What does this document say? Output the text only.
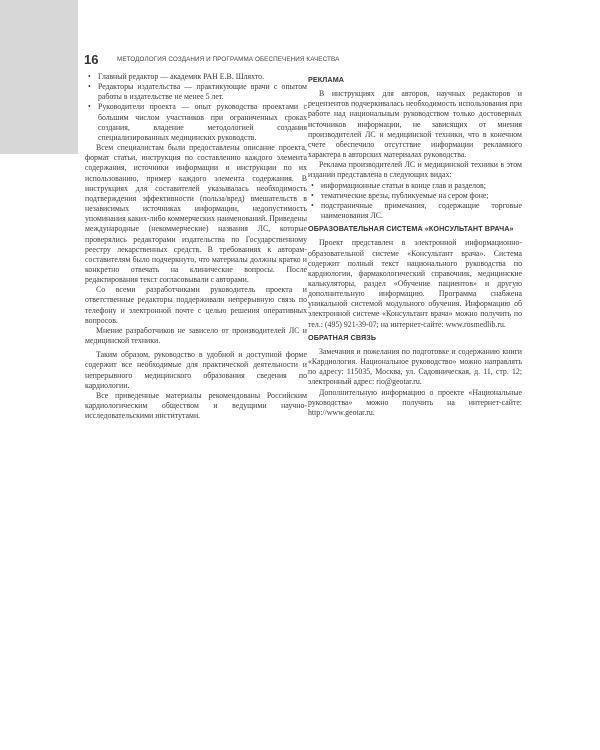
16	МЕТОДОЛОГИЯ СОЗДАНИЯ И ПРОГРАММА ОБЕСПЕЧЕНИЯ КАЧЕСТВА
• Главный редактор — академик РАН Е.В. Шляхто.
• Редакторы издательства — практикующие врачи с опытом работы в издательстве не менее 5 лет.
• Руководители проекта — опыт руководства проектами с большим числом участников при ограниченных сроках создания, владение методологией создания специализированных медицинских руководств.

Всем специалистам были предоставлены описание проекта, формат статьи, инструкция по составлению каждого элемента содержания, источники информации и инструкции по их использованию, пример каждого элемента содержания. В инструкциях для составителей указывалась необходимость подтверждения эффективности (польза/вред) вмешательств в независимых источниках информации, недопустимость упоминания каких-либо коммерческих наименований. Приведены международные (некоммерческие) названия ЛС, которые проверялись редакторами издательства по Государственному реестру лекарственных средств. В требованиях к авторам-составителям было подчеркнуто, что материалы должны кратко и конкретно отвечать на клинические вопросы. После редактирования текст согласовывали с авторами.

Со всеми разработчиками руководитель проекта и ответственные редакторы поддерживали непрерывную связь по телефону и электронной почте с целью решения оперативных вопросов.

Мнение разработчиков не зависело от производителей ЛС и медицинской техники.

Таким образом, руководство в удобной и доступной форме содержит все необходимые для практической деятельности и непрерывного медицинского образования сведения по кардиологии.

Все приведенные материалы рекомендованы Российским кардиологическим обществом и ведущими научно-исследовательскими институтами.

РЕКЛАМА

В инструкциях для авторов, научных редакторов и рецензентов подчеркивалась необходимость использования при работе над национальным руководством только достоверных источников информации, не зависящих от мнения производителей ЛС и медицинской техники, что в конечном счете обеспечило отсутствие информации рекламного характера в авторских материалах руководства.

Реклама производителей ЛС и медицинской техники в этом издании представлена в следующих видах:

• информационные статьи в конце глав и разделов;
• тематические врезы, публикуемые на сером фоне;
• подстраничные примечания, содержащие торговые наименования ЛС.
ОБРАЗОВАТЕЛЬНАЯ СИСТЕМА «КОНСУЛЬТАНТ ВРАЧА»

Проект представлен в электронной информационно-образовательной системе «Консультант врача». Система содержит полный текст национального руководства по кардиологии, фармакологический справочник, медицинские калькуляторы, раздел «Обучение пациентов» и другую дополнительную информацию. Программа снабжена уникальной системой модульного обучения. Информацию об электронной системе «Консультант врача» можно получить по тел.: (495) 921-39-07; на интернет-сайте: www.rosmedlib.ru.

ОБРАТНАЯ СВЯЗЬ

Замечания и пожелания по подготовке и содержанию книги «Кардиология. Национальное руководство» можно направлять по адресу: 115035, Москва, ул. Садовническая, д. 11, стр. 12; электронный адрес: rio@geotar.ru.

Дополнительную информацию о проекте «Национальные руководства» можно получить на интернет-сайте: http://www.geotar.ru.
